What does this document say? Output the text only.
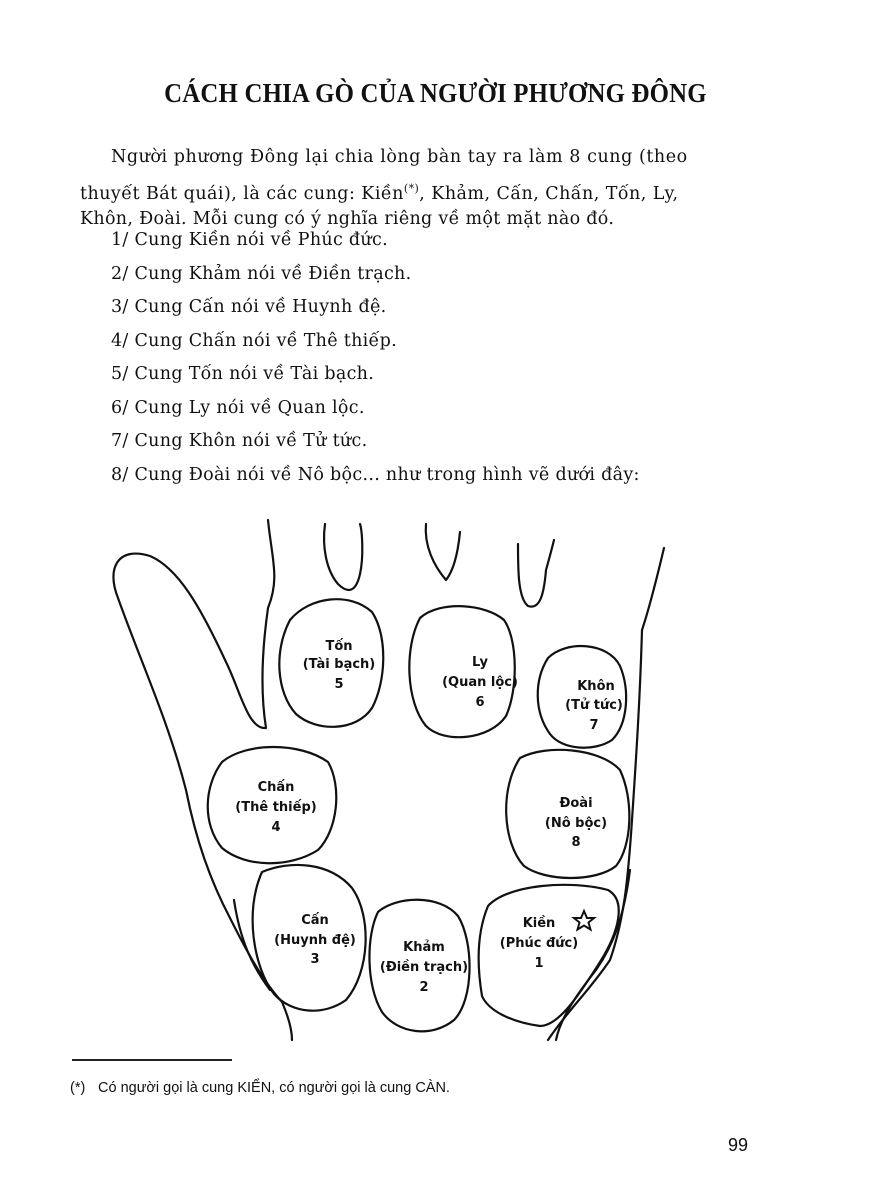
CÁCH CHIA GÒ CỦA NGƯỜI PHƯƠNG ĐÔNG
Người phương Đông lại chia lòng bàn tay ra làm 8 cung (theo
thuyết Bát quái), là các cung: Kiền(*), Khảm, Cấn, Chấn, Tốn, Ly,
Khôn, Đoài. Mỗi cung có ý nghĩa riêng về một mặt nào đó.
1/ Cung Kiền nói về Phúc đức.
2/ Cung Khảm nói về Điền trạch.
3/ Cung Cấn nói về Huynh đệ.
4/ Cung Chấn nói về Thê thiếp.
5/ Cung Tốn nói về Tài bạch.
6/ Cung Ly nói về Quan lộc.
7/ Cung Khôn nói về Tử tức.
8/ Cung Đoài nói về Nô bộc... như trong hình vẽ dưới đây:
Tốn
(Tài bạch)
5
Ly
(Quan lộc)
6
Khôn
(Tử tức)
7
Chấn
(Thê thiếp)
4
Đoài
(Nô bộc)
8
Cấn
(Huynh đệ)
3
Khảm
(Điền trạch)
2
Kiền
(Phúc đức)
1
(*) Có người gọi là cung KIỂN, có người gọi là cung CÀN.
99
